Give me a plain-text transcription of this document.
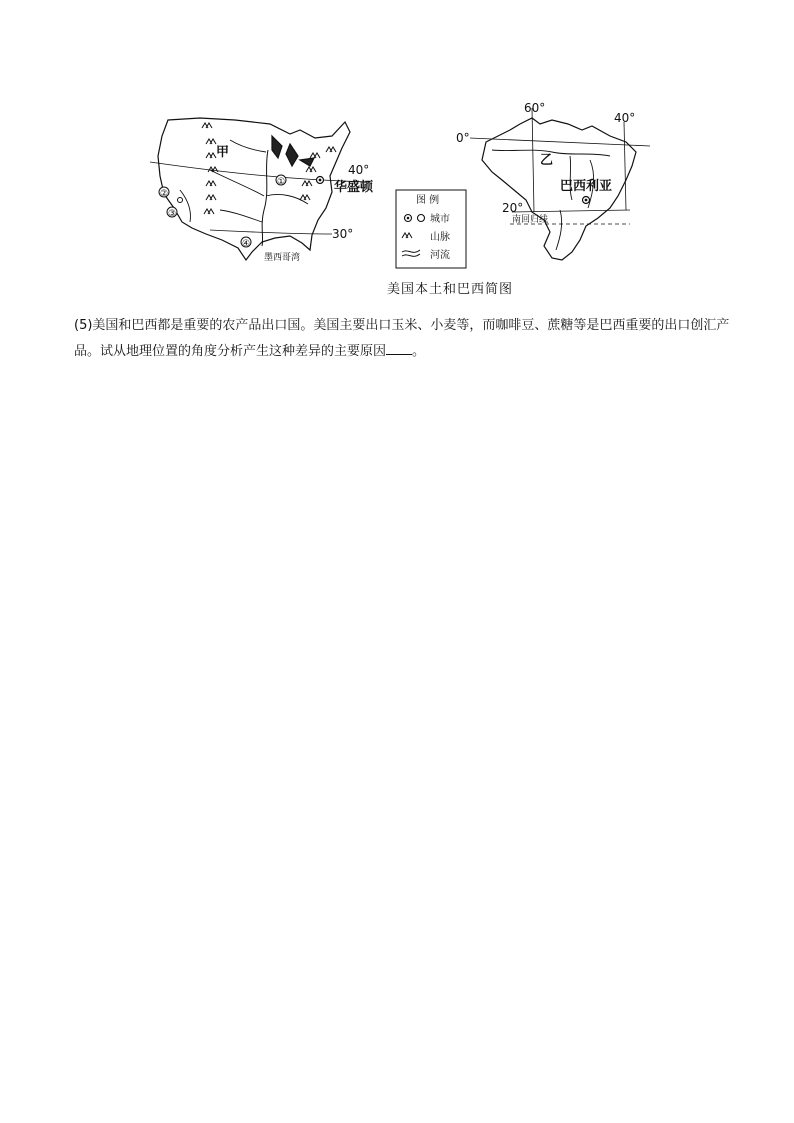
①
②
③
④
甲
华盛顿
40°
30°
墨西哥湾
图 例
城市
山脉
河流
60°
40°
0°
乙
巴西利亚
20°
南回归线
美国本土和巴西简图
(5)美国和巴西都是重要的农产品出口国。美国主要出口玉米、小麦等，而咖啡豆、蔗糖等是巴西重要的出口创汇产品。试从地理位置的角度分析产生这种差异的主要原因 。
